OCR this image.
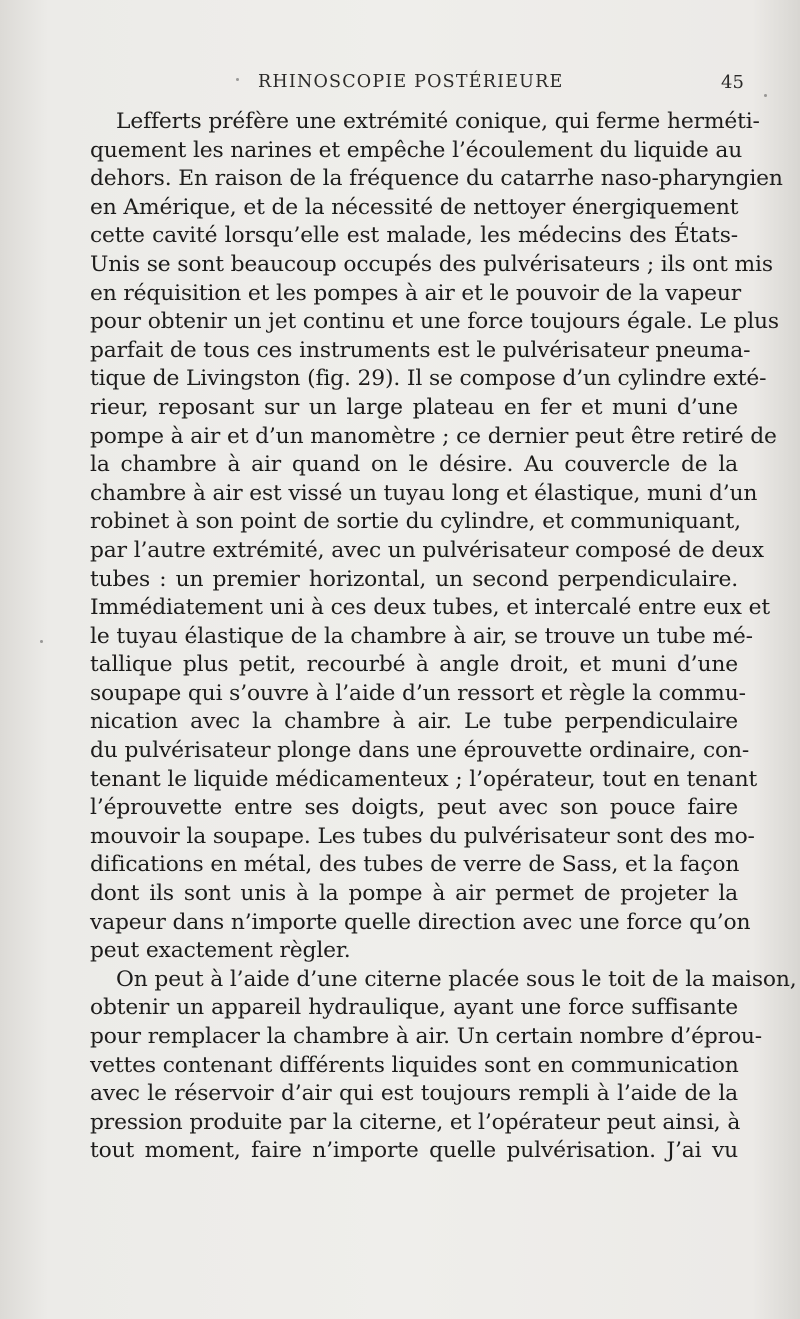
RHINOSCOPIE POSTÉRIEURE	45
Lefferts préfère une extrémité conique, qui ferme herméti-
quement les narines et empêche l’écoulement du liquide au
dehors. En raison de la fréquence du catarrhe naso-pharyngien
en Amérique, et de la nécessité de nettoyer énergiquement
cette cavité lorsqu’elle est malade, les médecins des États-
Unis se sont beaucoup occupés des pulvérisateurs ; ils ont mis
en réquisition et les pompes à air et le pouvoir de la vapeur
pour obtenir un jet continu et une force toujours égale. Le plus
parfait de tous ces instruments est le pulvérisateur pneuma-
tique de Livingston (fig. 29). Il se compose d’un cylindre exté-
rieur, reposant sur un large plateau en fer et muni d’une
pompe à air et d’un manomètre ; ce dernier peut être retiré de
la chambre à air quand on le désire. Au couvercle de la
chambre à air est vissé un tuyau long et élastique, muni d’un
robinet à son point de sortie du cylindre, et communiquant,
par l’autre extrémité, avec un pulvérisateur composé de deux
tubes : un premier horizontal, un second perpendiculaire.
Immédiatement uni à ces deux tubes, et intercalé entre eux et
le tuyau élastique de la chambre à air, se trouve un tube mé-
tallique plus petit, recourbé à angle droit, et muni d’une
soupape qui s’ouvre à l’aide d’un ressort et règle la commu-
nication avec la chambre à air. Le tube perpendiculaire
du pulvérisateur plonge dans une éprouvette ordinaire, con-
tenant le liquide médicamenteux ; l’opérateur, tout en tenant
l’éprouvette entre ses doigts, peut avec son pouce faire
mouvoir la soupape. Les tubes du pulvérisateur sont des mo-
difications en métal, des tubes de verre de Sass, et la façon
dont ils sont unis à la pompe à air permet de projeter la
vapeur dans n’importe quelle direction avec une force qu’on
peut exactement règler.
On peut à l’aide d’une citerne placée sous le toit de la maison,
obtenir un appareil hydraulique, ayant une force suffisante
pour remplacer la chambre à air. Un certain nombre d’éprou-
vettes contenant différents liquides sont en communication
avec le réservoir d’air qui est toujours rempli à l’aide de la
pression produite par la citerne, et l’opérateur peut ainsi, à
tout moment, faire n’importe quelle pulvérisation. J’ai vu
